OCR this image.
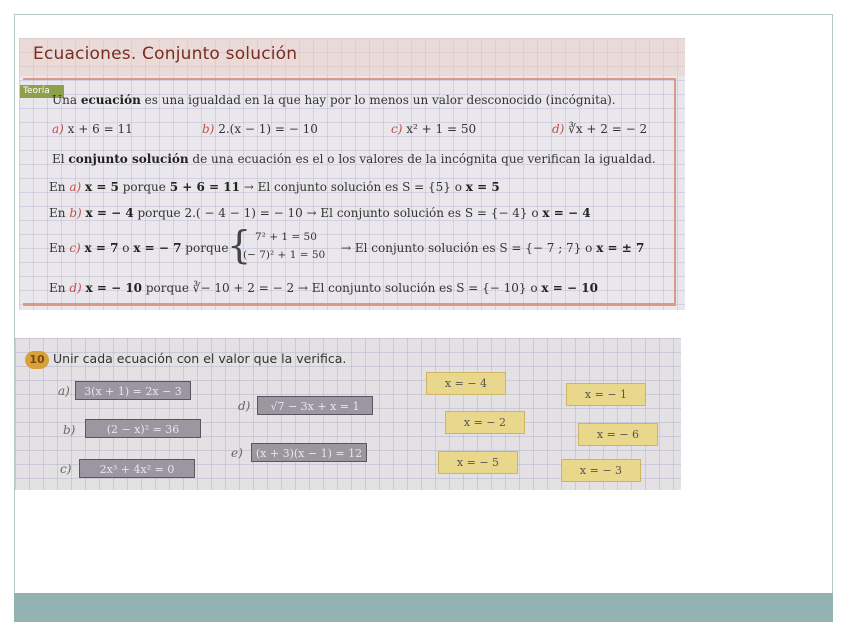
Ecuaciones. Conjunto solución
Teoría
Una ecuación es una igualdad en la que hay por lo menos un valor desconocido (incógnita).
a) x + 6 = 11	b) 2.(x − 1) = − 10	c) x² + 1 = 50	d) ∛x + 2 = − 2
El conjunto solución de una ecuación es el o los valores de la incógnita que verifican la igualdad.
En a) x = 5 porque 5 + 6 = 11 → El conjunto solución es S = {5} o x = 5
En b) x = − 4 porque 2.( − 4 − 1) = − 10 → El conjunto solución es S = {− 4} o x = − 4
En c) x = 7 o x = − 7 porque
{ 7² + 1 = 50
(− 7)² + 1 = 50 → El conjunto solución es S = {− 7 ; 7} o x = ± 7
En d) x = − 10 porque ∛− 10 + 2 = − 2 → El conjunto solución es S = {− 10} o x = − 10
10 Unir cada ecuación con el valor que la verifica.
a)	3(x + 1) = 2x − 3
b)	(2 − x)² = 36
c)	2x³ + 4x² = 0
d)	√7 − 3x + x = 1
e)	(x + 3)(x − 1) = 12
x = − 4
x = − 1
x = − 2
x = − 6
x = − 5
x = − 3
